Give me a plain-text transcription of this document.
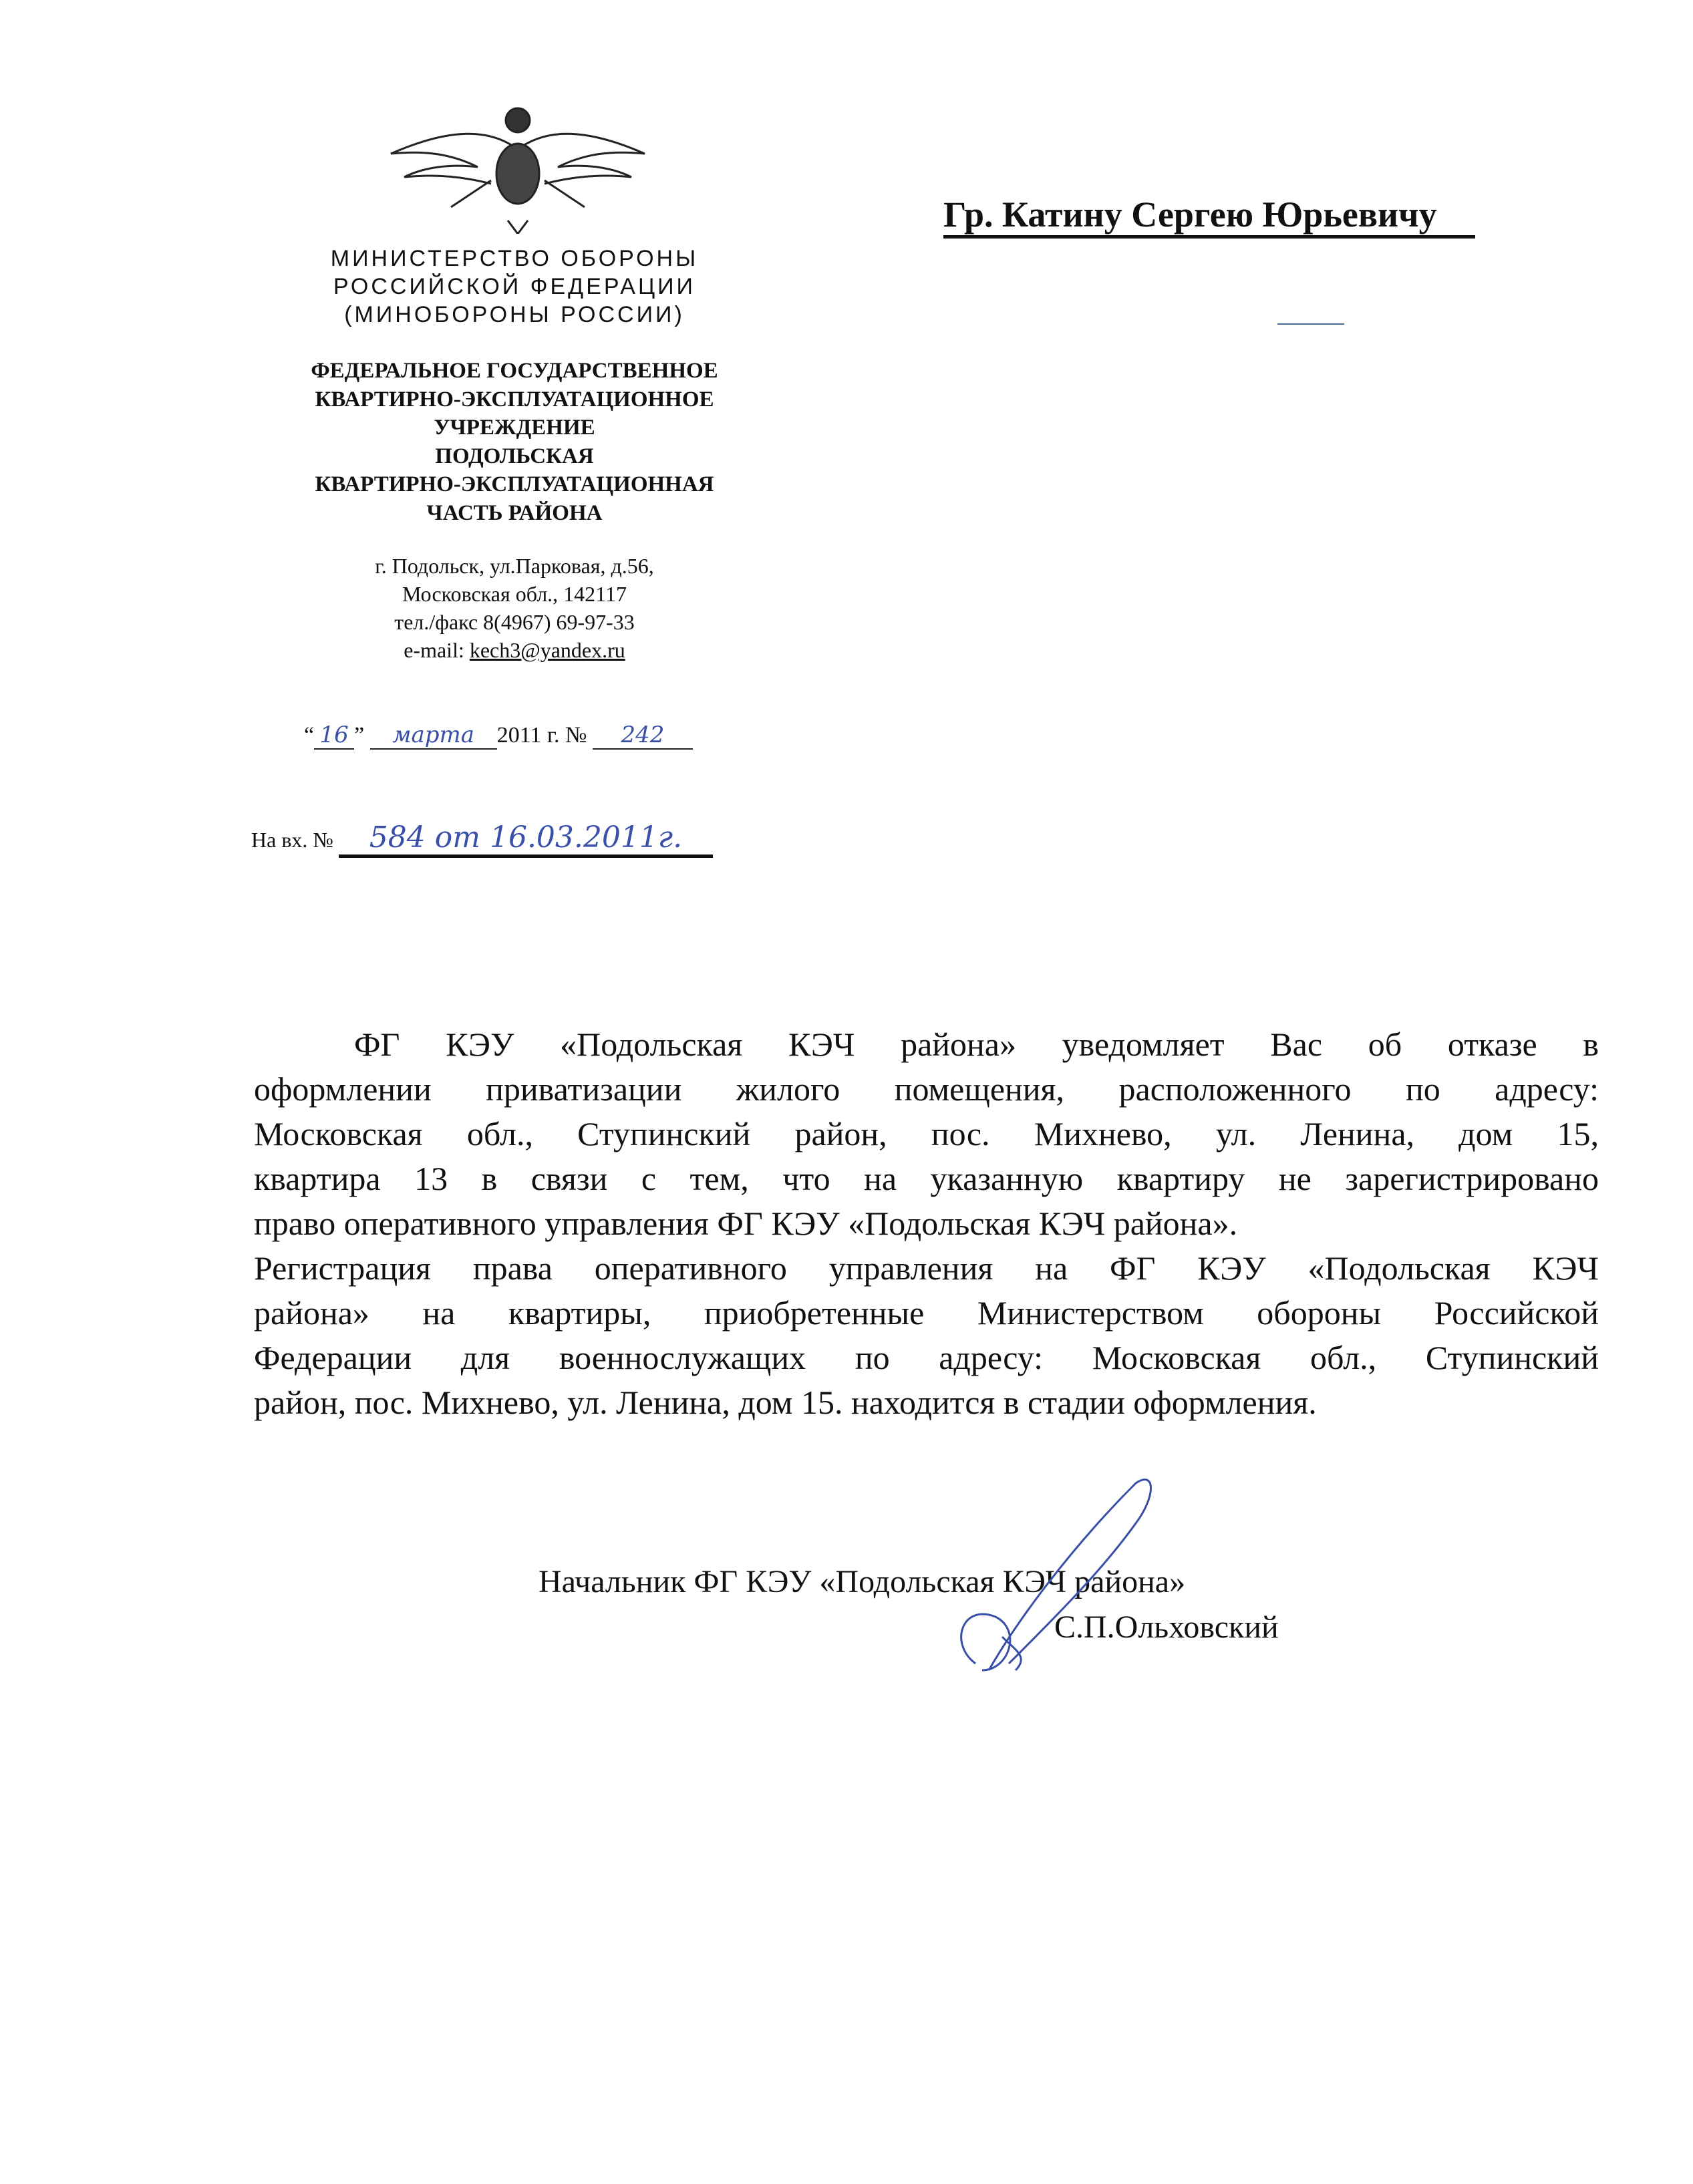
МИНИСТЕРСТВО ОБОРОНЫ
РОССИЙСКОЙ ФЕДЕРАЦИИ
(МИНОБОРОНЫ РОССИИ)
ФЕДЕРАЛЬНОЕ ГОСУДАРСТВЕННОЕ
КВАРТИРНО-ЭКСПЛУАТАЦИОННОЕ
УЧРЕЖДЕНИЕ
ПОДОЛЬСКАЯ
КВАРТИРНО-ЭКСПЛУАТАЦИОННАЯ
ЧАСТЬ РАЙОНА
г. Подольск, ул.Парковая, д.56,
Московская обл., 142117
тел./факс 8(4967) 69-97-33
e-mail: kech3@yandex.ru
“ 16 ” марта 2011 г. № 242
На вх. № 584 от 16.03.2011г.
Гр. Катину Сергею Юрьевичу
ФГ КЭУ «Подольская КЭЧ района» уведомляет Вас об отказе в
оформлении приватизации жилого помещения, расположенного по адресу:
Московская обл., Ступинский район, пос. Михнево, ул. Ленина, дом 15,
квартира 13 в связи с тем, что на указанную квартиру не зарегистрировано
право оперативного управления ФГ КЭУ «Подольская КЭЧ района».
Регистрация права оперативного управления на ФГ КЭУ «Подольская КЭЧ
района» на квартиры, приобретенные Министерством обороны Российской
Федерации для военнослужащих по адресу: Московская обл., Ступинский
район, пос. Михнево, ул. Ленина, дом 15. находится в стадии оформления.
Начальник ФГ КЭУ «Подольская КЭЧ района»
С.П.Ольховский
